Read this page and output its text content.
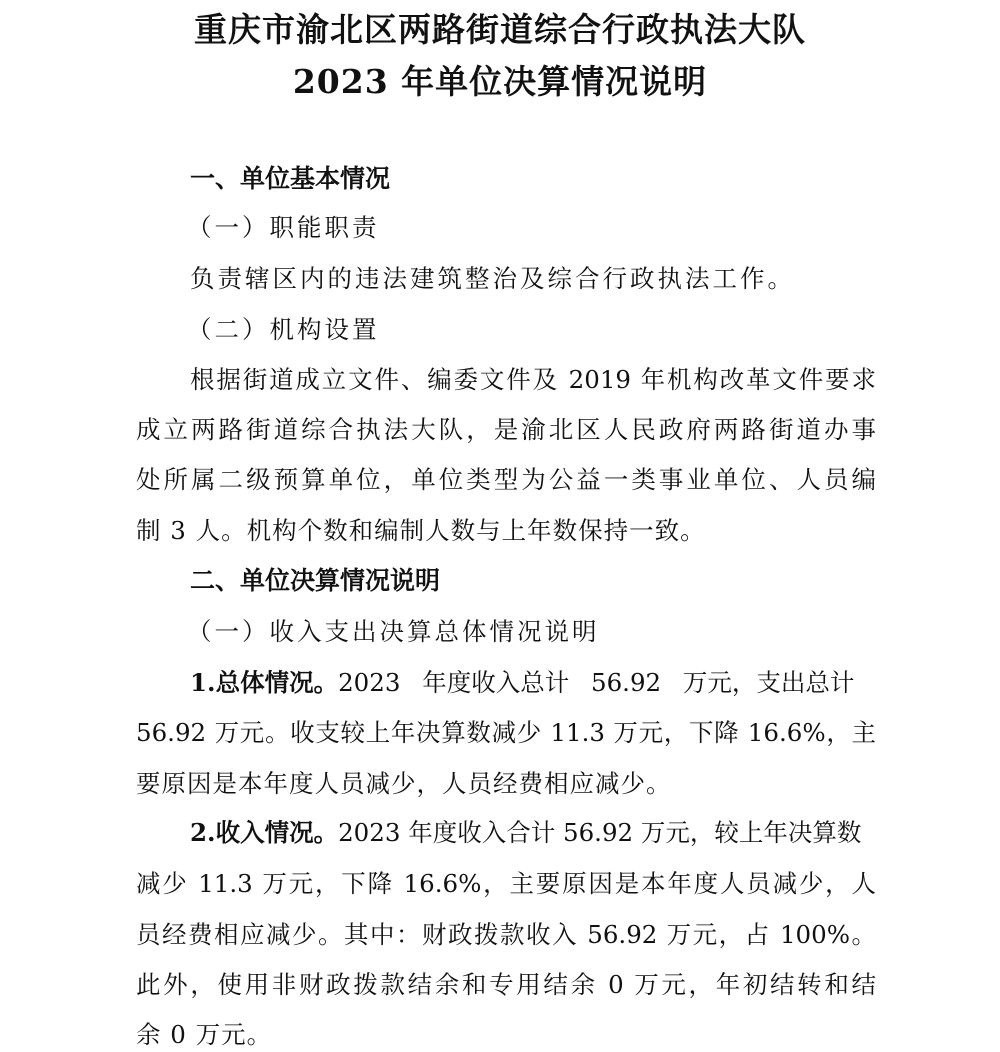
重庆市渝北区两路街道综合行政执法大队
2023 年单位决算情况说明
一、单位基本情况
（一）职能职责
负责辖区内的违法建筑整治及综合行政执法工作。
（二）机构设置
根据街道成立文件、编委文件及 2019 年机构改革文件要求
成立两路街道综合执法大队，是渝北区人民政府两路街道办事
处所属二级预算单位，单位类型为公益一类事业单位、人员编
制 3 人。机构个数和编制人数与上年数保持一致。
二、单位决算情况说明
（一）收入支出决算总体情况说明
1.总体情况。2023 年度收入总计 56.92 万元，支出总计
56.92 万元。收支较上年决算数减少 11.3 万元，下降 16.6%，主
要原因是本年度人员减少，人员经费相应减少。
2.收入情况。2023 年度收入合计 56.92 万元，较上年决算数
减少 11.3 万元，下降 16.6%，主要原因是本年度人员减少，人
员经费相应减少。其中：财政拨款收入 56.92 万元，占 100%。
此外，使用非财政拨款结余和专用结余 0 万元，年初结转和结
余 0 万元。
